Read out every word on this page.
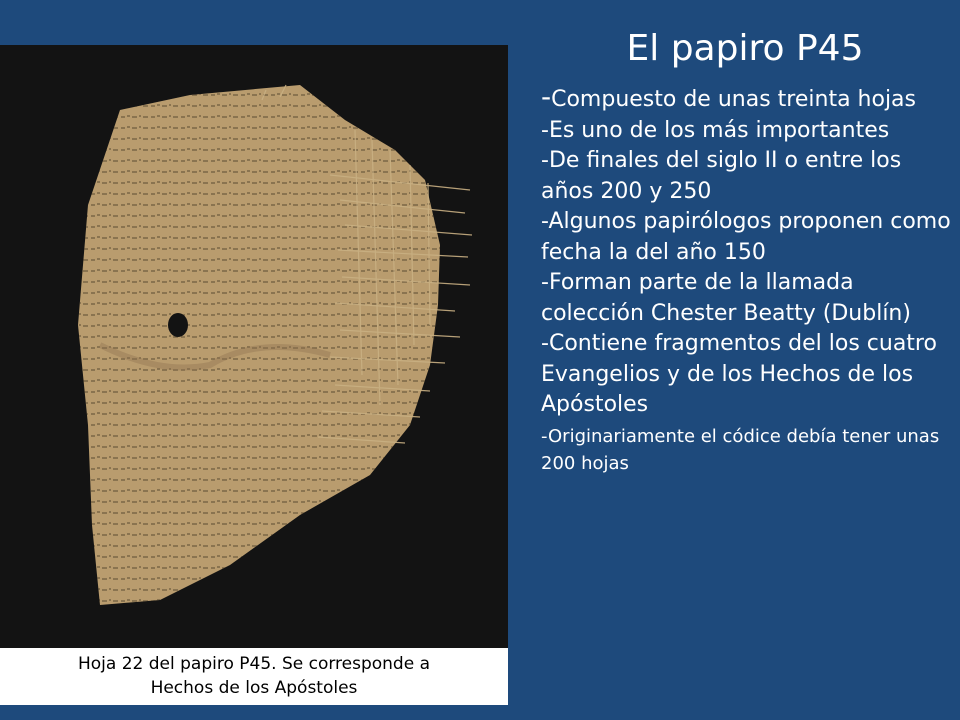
Hoja 22 del papiro P45. Se corresponde a
Hechos de los Apóstoles
El papiro P45
-Compuesto de unas treinta hojas
-Es uno de los más importantes
-De finales del siglo II o entre los años 200 y 250
-Algunos papirólogos proponen como fecha la del año 150
-Forman parte de la llamada colección Chester Beatty (Dublín)
-Contiene fragmentos del los cuatro Evangelios y de los Hechos de los Apóstoles
-Originariamente el códice debía tener unas 200 hojas
